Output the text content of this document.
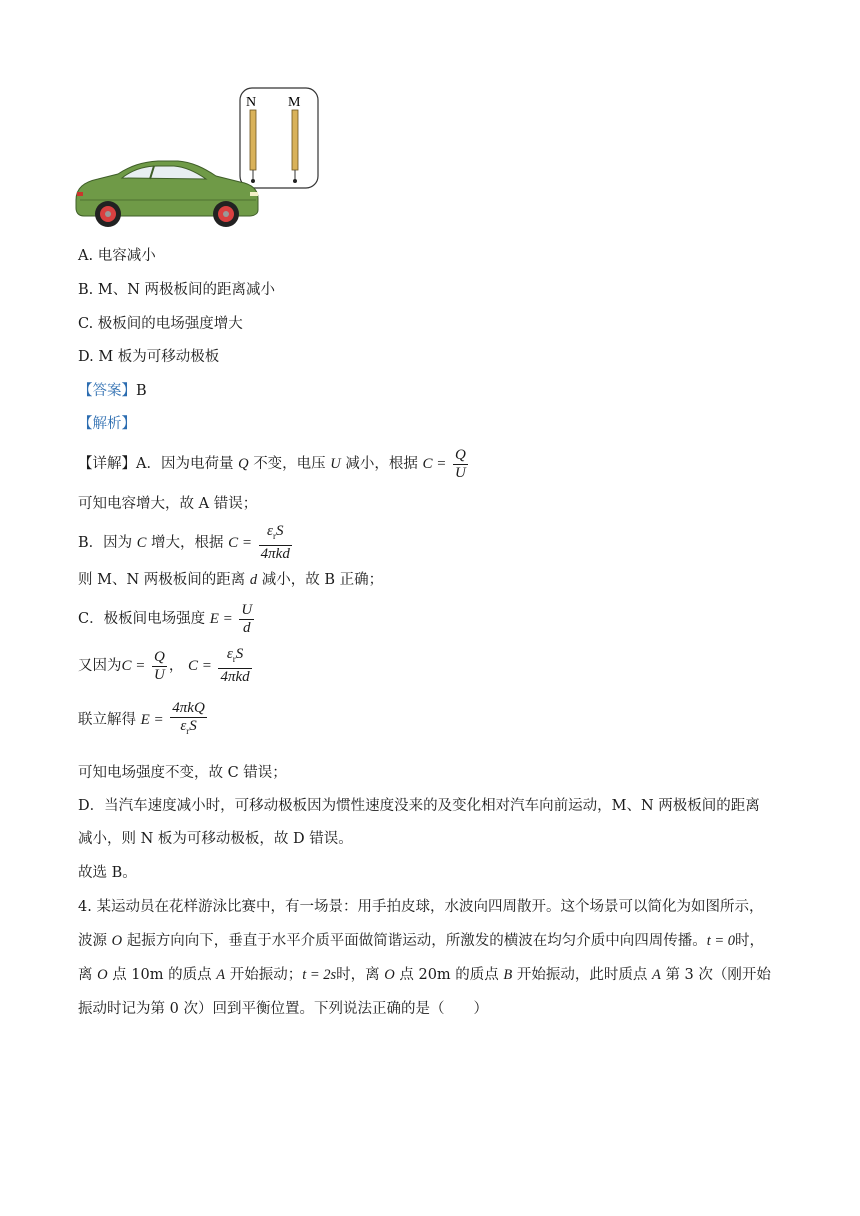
N M
A. 电容减小
B. M、N 两极板间的距离减小
C. 极板间的电场强度增大
D. M 板为可移动极板
【答案】B
【解析】
【详解】A．因为电荷量 Q 不变，电压 U 减小，根据 $C = \frac{Q}{U}$
可知电容增大，故 A 错误；
B．因为 C 增大，根据 $C = \frac{\varepsilon_rS}{\text{4πkd}}$
则 M、N 两极板间的距离 d 减小，故 B 正确；
C．极板间电场强度 $E = \frac{U}{d}$
又因为$C = \frac{Q}{U}$ ， $C = \frac{\varepsilon_rS}{\text{4πkd}}$
联立解得 $E = \frac{\text{4πkQ}}{\varepsilon_rS}$
可知电场强度不变，故 C 错误；
D．当汽车速度减小时，可移动极板因为惯性速度没来的及变化相对汽车向前运动，M、N 两极板间的距离
减小，则 N 板为可移动极板，故 D 错误。
故选 B。
4. 某运动员在花样游泳比赛中，有一场景：用手拍皮球，水波向四周散开。这个场景可以简化为如图所示，
波源 O 起振方向向下，垂直于水平介质平面做简谐运动，所激发的横波在均匀介质中向四周传播。t = 0时，
离 O 点 10m 的质点 A 开始振动；t = 2s时，离 O 点 20m 的质点 B 开始振动，此时质点 A 第 3 次（刚开始
振动时记为第 0 次）回到平衡位置。下列说法正确的是（　　）
